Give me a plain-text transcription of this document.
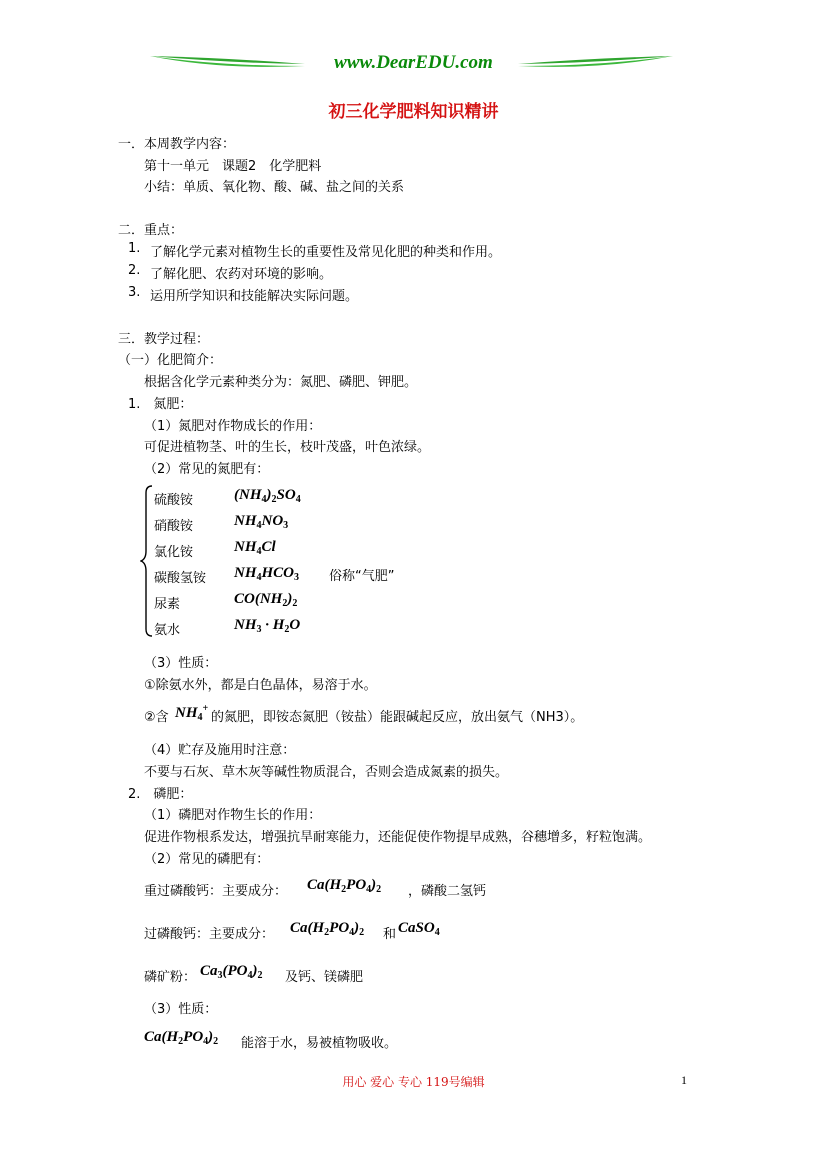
www.DearEDU.com
初三化学肥料知识精讲
一．本周教学内容：
第十一单元　课题2　化学肥料
小结：单质、氧化物、酸、碱、盐之间的关系
二．重点：
1. 了解化学元素对植物生长的重要性及常见化肥的种类和作用。
2. 了解化肥、农药对环境的影响。
3. 运用所学知识和技能解决实际问题。
三．教学过程：
（一）化肥简介：
根据含化学元素种类分为：氮肥、磷肥、钾肥。
1.　氮肥：
（1）氮肥对作物成长的作用：
可促进植物茎、叶的生长，枝叶茂盛，叶色浓绿。
（2）常见的氮肥有：
硫酸铵	$(NH_4)_2SO_4$
硝酸铵	$NH_4NO_3$
氯化铵	$NH_4Cl$
碳酸氢铵 $NH_4HCO_3$ 俗称“气肥”
尿素	$CO(NH_2)_2$
氨水	$NH_3 \cdot H_2O$
（3）性质：
①除氨水外，都是白色晶体，易溶于水。
②含 $NH_4^+$
的氮肥，即铵态氮肥（铵盐）能跟碱起反应，放出氨气（NH3）。
（4）贮存及施用时注意：
不要与石灰、草木灰等碱性物质混合，否则会造成氮素的损失。
2.　磷肥：
（1）磷肥对作物生长的作用：
促进作物根系发达，增强抗旱耐寒能力，还能促使作物提早成熟，谷穗增多，籽粒饱满。
（2）常见的磷肥有：
重过磷酸钙：主要成分： $Ca(H_2PO_4)_2$ ，磷酸二氢钙
过磷酸钙：主要成分： $Ca(H_2PO_4)_2$ 和 CaSO$_4$
磷矿粉： $Ca_3(PO_4)_2$ 及钙、镁磷肥
（3）性质：
$Ca(H_2PO_4)_2$ 能溶于水，易被植物吸收。
用心 爱心 专心 119号编辑	1
